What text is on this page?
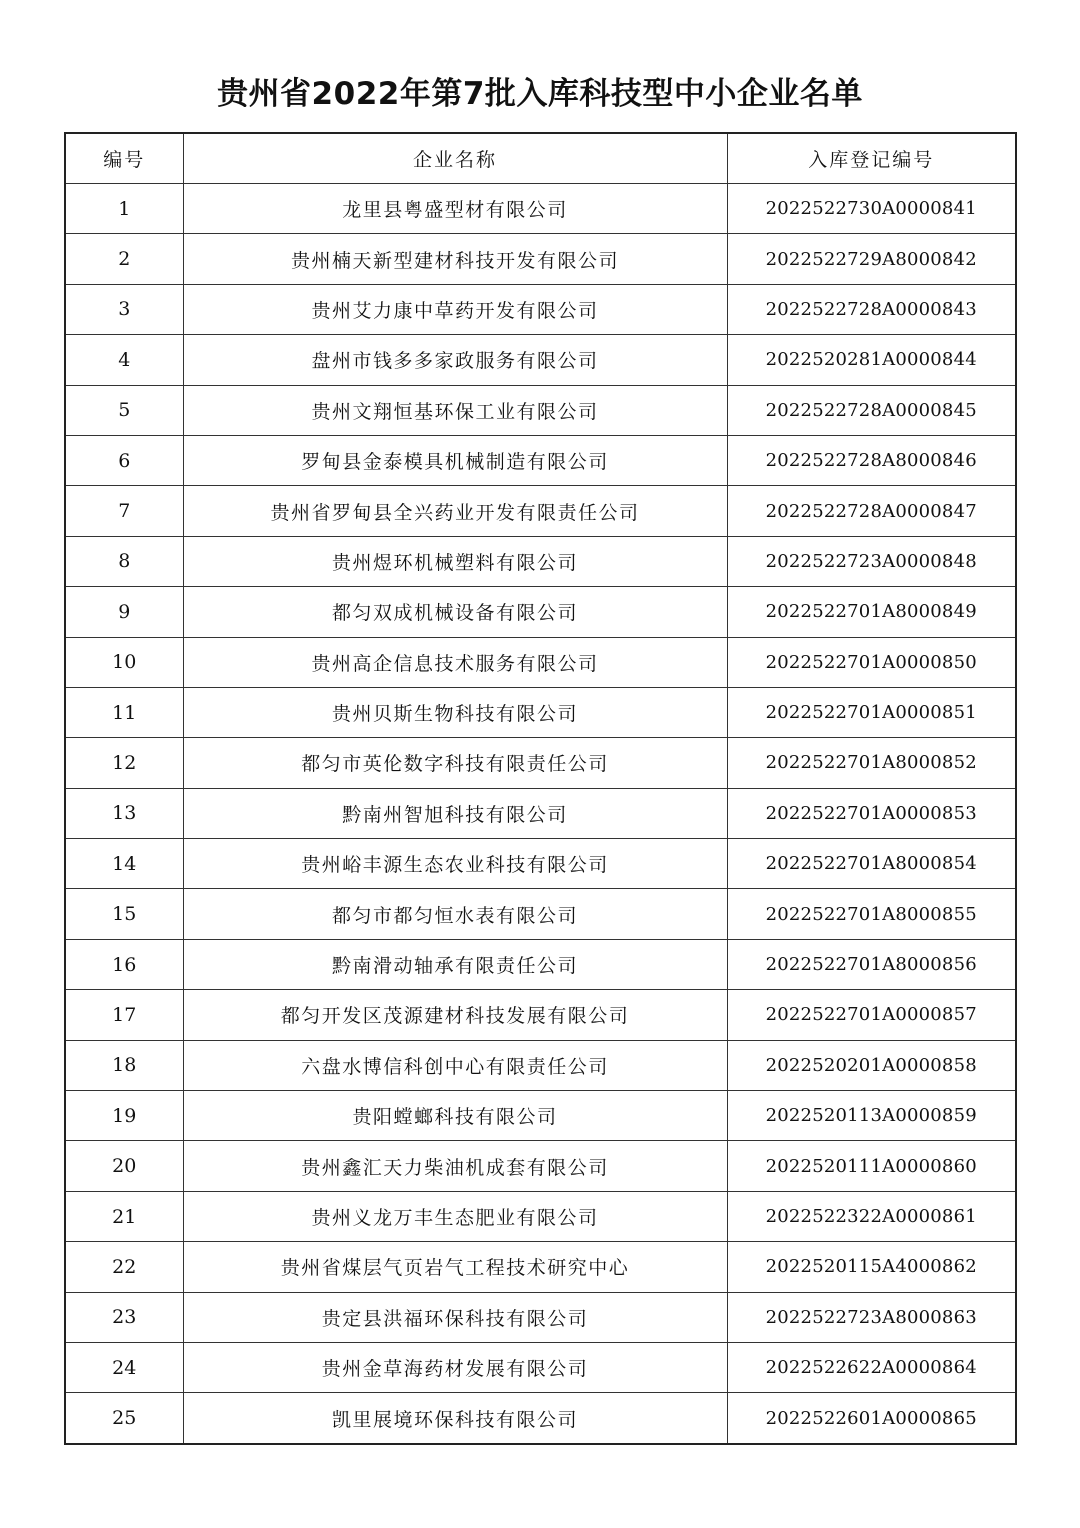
贵州省2022年第7批入库科技型中小企业名单
编号	企业名称	入库登记编号
1	龙里县粤盛型材有限公司	2022522730A0000841
2	贵州楠天新型建材科技开发有限公司	2022522729A8000842
3	贵州艾力康中草药开发有限公司	2022522728A0000843
4	盘州市钱多多家政服务有限公司	2022520281A0000844
5	贵州文翔恒基环保工业有限公司	2022522728A0000845
6	罗甸县金泰模具机械制造有限公司	2022522728A8000846
7	贵州省罗甸县全兴药业开发有限责任公司	2022522728A0000847
8	贵州煜环机械塑料有限公司	2022522723A0000848
9	都匀双成机械设备有限公司	2022522701A8000849
10	贵州高企信息技术服务有限公司	2022522701A0000850
11	贵州贝斯生物科技有限公司	2022522701A0000851
12	都匀市英伦数字科技有限责任公司	2022522701A8000852
13	黔南州智旭科技有限公司	2022522701A0000853
14	贵州峪丰源生态农业科技有限公司	2022522701A8000854
15	都匀市都匀恒水表有限公司	2022522701A8000855
16	黔南滑动轴承有限责任公司	2022522701A8000856
17	都匀开发区茂源建材科技发展有限公司	2022522701A0000857
18	六盘水博信科创中心有限责任公司	2022520201A0000858
19	贵阳螳螂科技有限公司	2022520113A0000859
20	贵州鑫汇天力柴油机成套有限公司	2022520111A0000860
21	贵州义龙万丰生态肥业有限公司	2022522322A0000861
22	贵州省煤层气页岩气工程技术研究中心	2022520115A4000862
23	贵定县洪福环保科技有限公司	2022522723A8000863
24	贵州金草海药材发展有限公司	2022522622A0000864
25	凯里展境环保科技有限公司	2022522601A0000865
